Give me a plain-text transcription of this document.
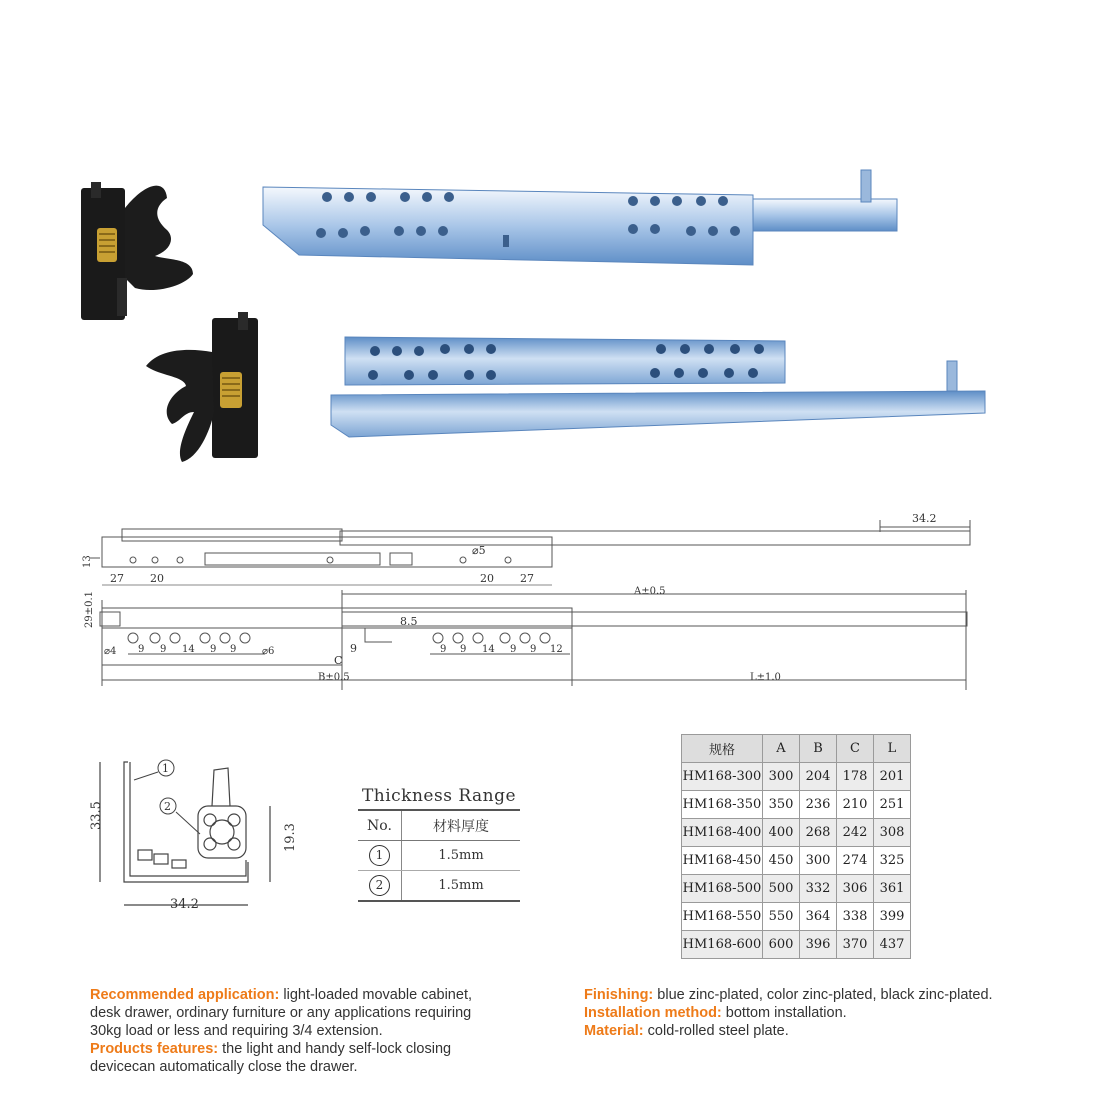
34.2
13
27 20
⌀5
20 27
A±0.5
29±0.1	8.5
9
⌀4	⌀6
C
B±0.5	L±1.0
9 9 14 9 9	9 9 14 9 9 12
1
2
33.5
19.3
34.2
Thickness Range
No.	材料厚度
1	1.5mm
2	1.5mm
规格	A	B	C	L
HM168-300	300	204	178	201
HM168-350	350	236	210	251
HM168-400	400	268	242	308
HM168-450	450	300	274	325
HM168-500	500	332	306	361
HM168-550	550	364	338	399
HM168-600	600	396	370	437
Recommended application: light-loaded movable cabinet,
desk drawer, ordinary furniture or any applications requiring
30kg load or less and requiring 3/4 extension.
Products features: the light and handy self-lock closing
devicecan automatically close the drawer.
Finishing: blue zinc-plated, color zinc-plated, black zinc-plated.
Installation method: bottom installation.
Material: cold-rolled steel plate.
